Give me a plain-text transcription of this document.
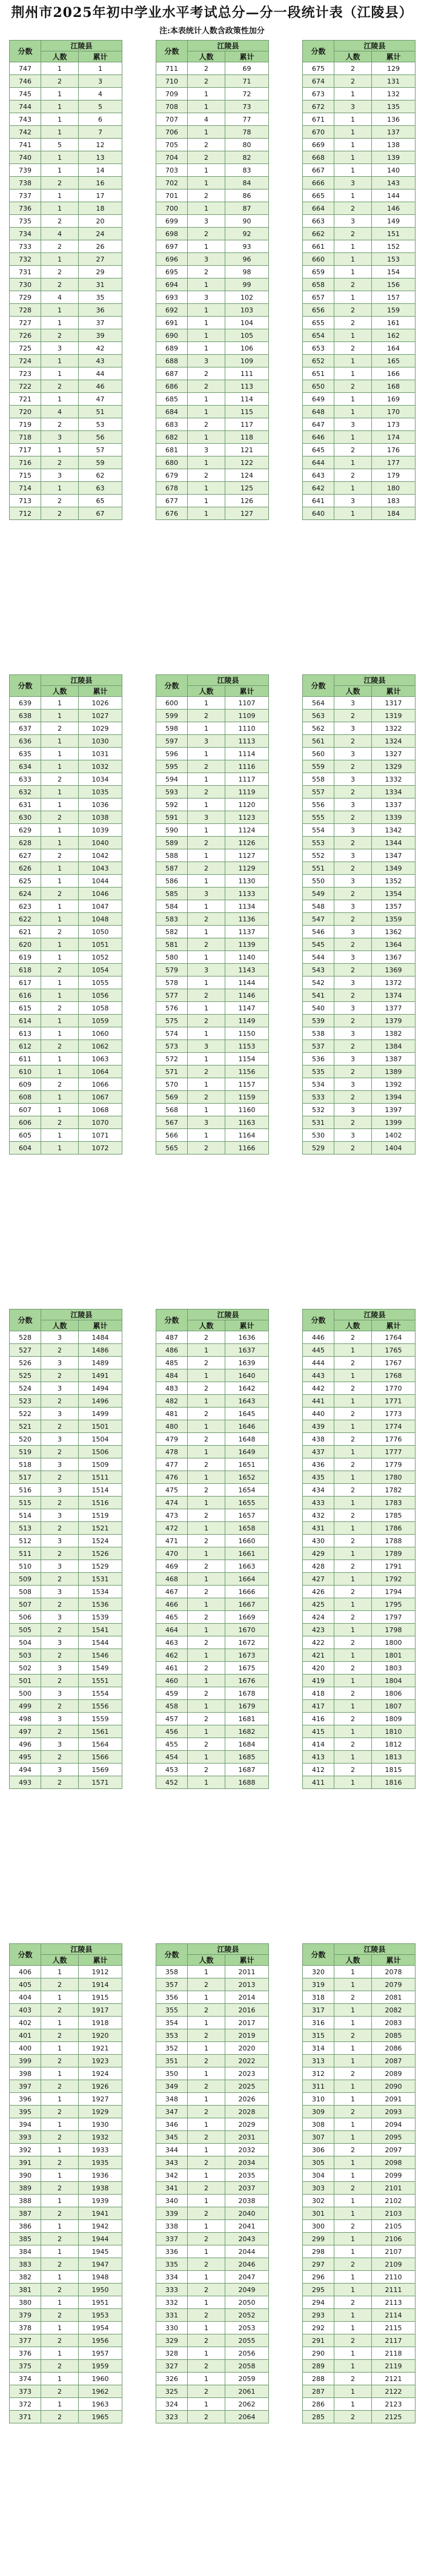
荆州市2025年初中学业水平考试总分—分一段统计表（江陵县）
注:本表统计人数含政策性加分
分数	江陵县	
	人数	累计
747	1	1
746	2	3
745	1	4
744	1	5
743	1	6
742	1	7
741	5	12
740	1	13
739	1	14
738	2	16
737	1	17
736	1	18
735	2	20
734	4	24
733	2	26
732	1	27
731	2	29
730	2	31
729	4	35
728	1	36
727	1	37
726	2	39
725	3	42
724	1	43
723	1	44
722	2	46
721	1	47
720	4	51
719	2	53
718	3	56
717	1	57
716	2	59
715	3	62
714	1	63
713	2	65
712	2	67
分数	江陵县	
	人数	累计
711	2	69
710	2	71
709	1	72
708	1	73
707	4	77
706	1	78
705	2	80
704	2	82
703	1	83
702	1	84
701	2	86
700	1	87
699	3	90
698	2	92
697	1	93
696	3	96
695	2	98
694	1	99
693	3	102
692	1	103
691	1	104
690	1	105
689	1	106
688	3	109
687	2	111
686	2	113
685	1	114
684	1	115
683	2	117
682	1	118
681	3	121
680	1	122
679	2	124
678	1	125
677	1	126
676	1	127
分数	江陵县	
	人数	累计
675	2	129
674	2	131
673	1	132
672	3	135
671	1	136
670	1	137
669	1	138
668	1	139
667	1	140
666	3	143
665	1	144
664	2	146
663	3	149
662	2	151
661	1	152
660	1	153
659	1	154
658	2	156
657	1	157
656	2	159
655	2	161
654	1	162
653	2	164
652	1	165
651	1	166
650	2	168
649	1	169
648	1	170
647	3	173
646	1	174
645	2	176
644	1	177
643	2	179
642	1	180
641	3	183
640	1	184
分数	江陵县	
	人数	累计
639	1	1026
638	1	1027
637	2	1029
636	1	1030
635	1	1031
634	1	1032
633	2	1034
632	1	1035
631	1	1036
630	2	1038
629	1	1039
628	1	1040
627	2	1042
626	1	1043
625	1	1044
624	2	1046
623	1	1047
622	1	1048
621	2	1050
620	1	1051
619	1	1052
618	2	1054
617	1	1055
616	1	1056
615	2	1058
614	1	1059
613	1	1060
612	2	1062
611	1	1063
610	1	1064
609	2	1066
608	1	1067
607	1	1068
606	2	1070
605	1	1071
604	1	1072
分数	江陵县	
	人数	累计
600	1	1107
599	2	1109
598	1	1110
597	3	1113
596	1	1114
595	2	1116
594	1	1117
593	2	1119
592	1	1120
591	3	1123
590	1	1124
589	2	1126
588	1	1127
587	2	1129
586	1	1130
585	3	1133
584	1	1134
583	2	1136
582	1	1137
581	2	1139
580	1	1140
579	3	1143
578	1	1144
577	2	1146
576	1	1147
575	2	1149
574	1	1150
573	3	1153
572	1	1154
571	2	1156
570	1	1157
569	2	1159
568	1	1160
567	3	1163
566	1	1164
565	2	1166
分数	江陵县	
	人数	累计
564	3	1317
563	2	1319
562	3	1322
561	2	1324
560	3	1327
559	2	1329
558	3	1332
557	2	1334
556	3	1337
555	2	1339
554	3	1342
553	2	1344
552	3	1347
551	2	1349
550	3	1352
549	2	1354
548	3	1357
547	2	1359
546	3	1362
545	2	1364
544	3	1367
543	2	1369
542	3	1372
541	2	1374
540	3	1377
539	2	1379
538	3	1382
537	2	1384
536	3	1387
535	2	1389
534	3	1392
533	2	1394
532	3	1397
531	2	1399
530	3	1402
529	2	1404
分数	江陵县	
	人数	累计
528	3	1484
527	2	1486
526	3	1489
525	2	1491
524	3	1494
523	2	1496
522	3	1499
521	2	1501
520	3	1504
519	2	1506
518	3	1509
517	2	1511
516	3	1514
515	2	1516
514	3	1519
513	2	1521
512	3	1524
511	2	1526
510	3	1529
509	2	1531
508	3	1534
507	2	1536
506	3	1539
505	2	1541
504	3	1544
503	2	1546
502	3	1549
501	2	1551
500	3	1554
499	2	1556
498	3	1559
497	2	1561
496	3	1564
495	2	1566
494	3	1569
493	2	1571
分数	江陵县	
	人数	累计
487	2	1636
486	1	1637
485	2	1639
484	1	1640
483	2	1642
482	1	1643
481	2	1645
480	1	1646
479	2	1648
478	1	1649
477	2	1651
476	1	1652
475	2	1654
474	1	1655
473	2	1657
472	1	1658
471	2	1660
470	1	1661
469	2	1663
468	1	1664
467	2	1666
466	1	1667
465	2	1669
464	1	1670
463	2	1672
462	1	1673
461	2	1675
460	1	1676
459	2	1678
458	1	1679
457	2	1681
456	1	1682
455	2	1684
454	1	1685
453	2	1687
452	1	1688
分数	江陵县	
	人数	累计
446	2	1764
445	1	1765
444	2	1767
443	1	1768
442	2	1770
441	1	1771
440	2	1773
439	1	1774
438	2	1776
437	1	1777
436	2	1779
435	1	1780
434	2	1782
433	1	1783
432	2	1785
431	1	1786
430	2	1788
429	1	1789
428	2	1791
427	1	1792
426	2	1794
425	1	1795
424	2	1797
423	1	1798
422	2	1800
421	1	1801
420	2	1803
419	1	1804
418	2	1806
417	1	1807
416	2	1809
415	1	1810
414	2	1812
413	1	1813
412	2	1815
411	1	1816
分数	江陵县	
	人数	累计
406	1	1912
405	2	1914
404	1	1915
403	2	1917
402	1	1918
401	2	1920
400	1	1921
399	2	1923
398	1	1924
397	2	1926
396	1	1927
395	2	1929
394	1	1930
393	2	1932
392	1	1933
391	2	1935
390	1	1936
389	2	1938
388	1	1939
387	2	1941
386	1	1942
385	2	1944
384	1	1945
383	2	1947
382	1	1948
381	2	1950
380	1	1951
379	2	1953
378	1	1954
377	2	1956
376	1	1957
375	2	1959
374	1	1960
373	2	1962
372	1	1963
371	2	1965
分数	江陵县	
	人数	累计
358	1	2011
357	2	2013
356	1	2014
355	2	2016
354	1	2017
353	2	2019
352	1	2020
351	2	2022
350	1	2023
349	2	2025
348	1	2026
347	2	2028
346	1	2029
345	2	2031
344	1	2032
343	2	2034
342	1	2035
341	2	2037
340	1	2038
339	2	2040
338	1	2041
337	2	2043
336	1	2044
335	2	2046
334	1	2047
333	2	2049
332	1	2050
331	2	2052
330	1	2053
329	2	2055
328	1	2056
327	2	2058
326	1	2059
325	2	2061
324	1	2062
323	2	2064
分数	江陵县	
	人数	累计
320	1	2078
319	1	2079
318	2	2081
317	1	2082
316	1	2083
315	2	2085
314	1	2086
313	1	2087
312	2	2089
311	1	2090
310	1	2091
309	2	2093
308	1	2094
307	1	2095
306	2	2097
305	1	2098
304	1	2099
303	2	2101
302	1	2102
301	1	2103
300	2	2105
299	1	2106
298	1	2107
297	2	2109
296	1	2110
295	1	2111
294	2	2113
293	1	2114
292	1	2115
291	2	2117
290	1	2118
289	1	2119
288	2	2121
287	1	2122
286	1	2123
285	2	2125
